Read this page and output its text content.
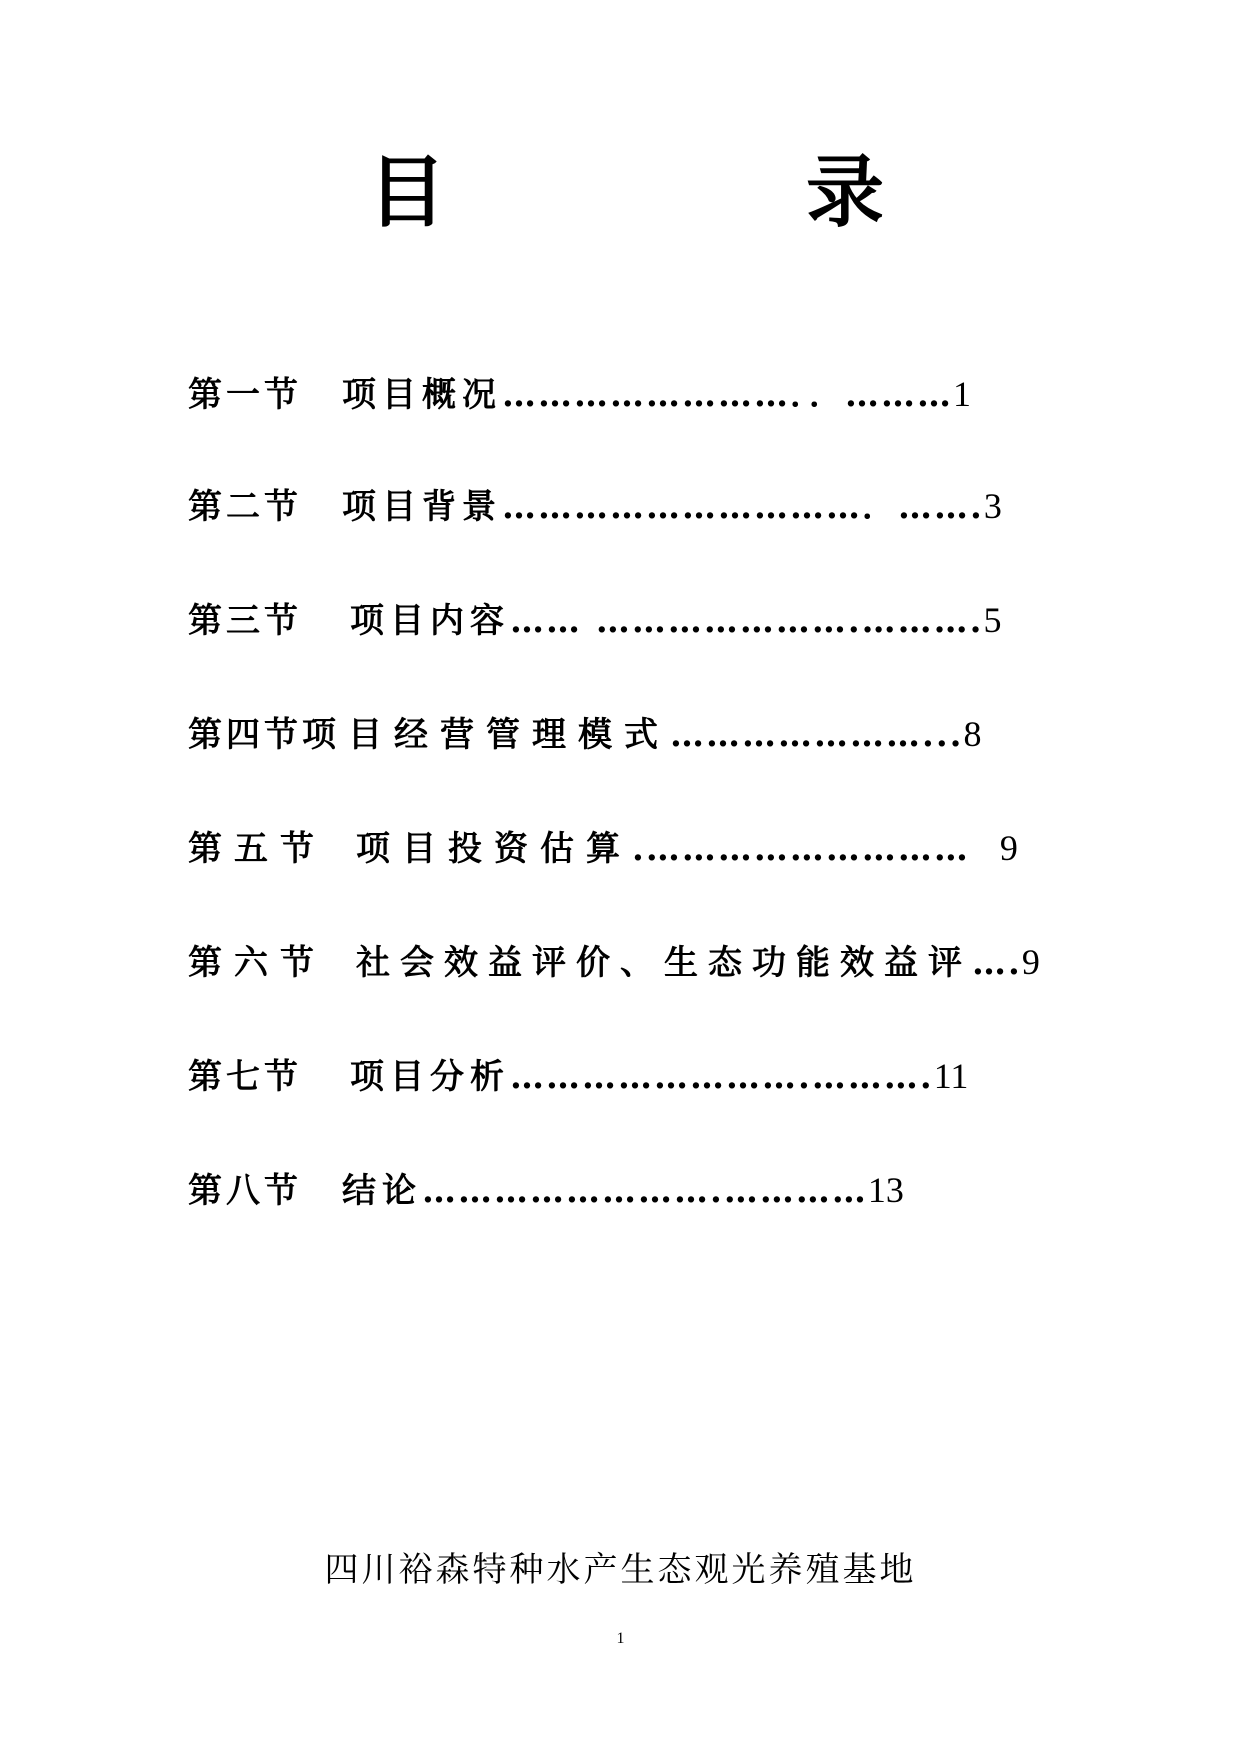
目	录
第一节 项目概况……………………．．………1
第二节 项目背景…………………………．…….3
第三节 项目内容…… ………………….……….5
第四节项目经营管理模式…………………...8
第五节 项目投资估算.……………………… 9
第六节 社会效益评价、生态功能效益评….9
第七节 项目分析…………………….……….11
第八节 结论…………………….…………13
四川裕森特种水产生态观光养殖基地
1
